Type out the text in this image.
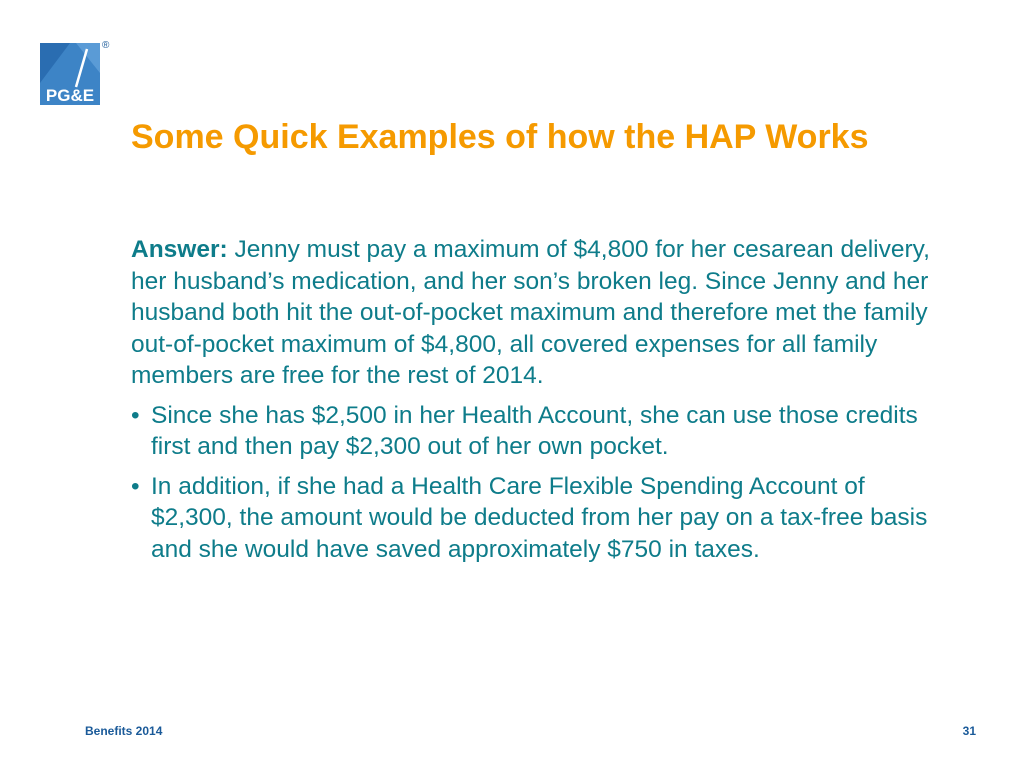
PG&E
®
Some Quick Examples of how the HAP Works

Answer: Jenny must pay a maximum of $4,800 for her cesarean delivery, her husband’s medication, and her son’s broken leg. Since Jenny and her husband both hit the out-of-pocket maximum and therefore met the family out-of-pocket maximum of $4,800, all covered expenses for all family members are free for the rest of 2014.

• Since she has $2,500 in her Health Account, she can use those credits first and then pay $2,300 out of her own pocket.
• In addition, if she had a Health Care Flexible Spending Account of $2,300, the amount would be deducted from her pay on a tax-free basis and she would have saved approximately $750 in taxes.
Benefits 2014	31
